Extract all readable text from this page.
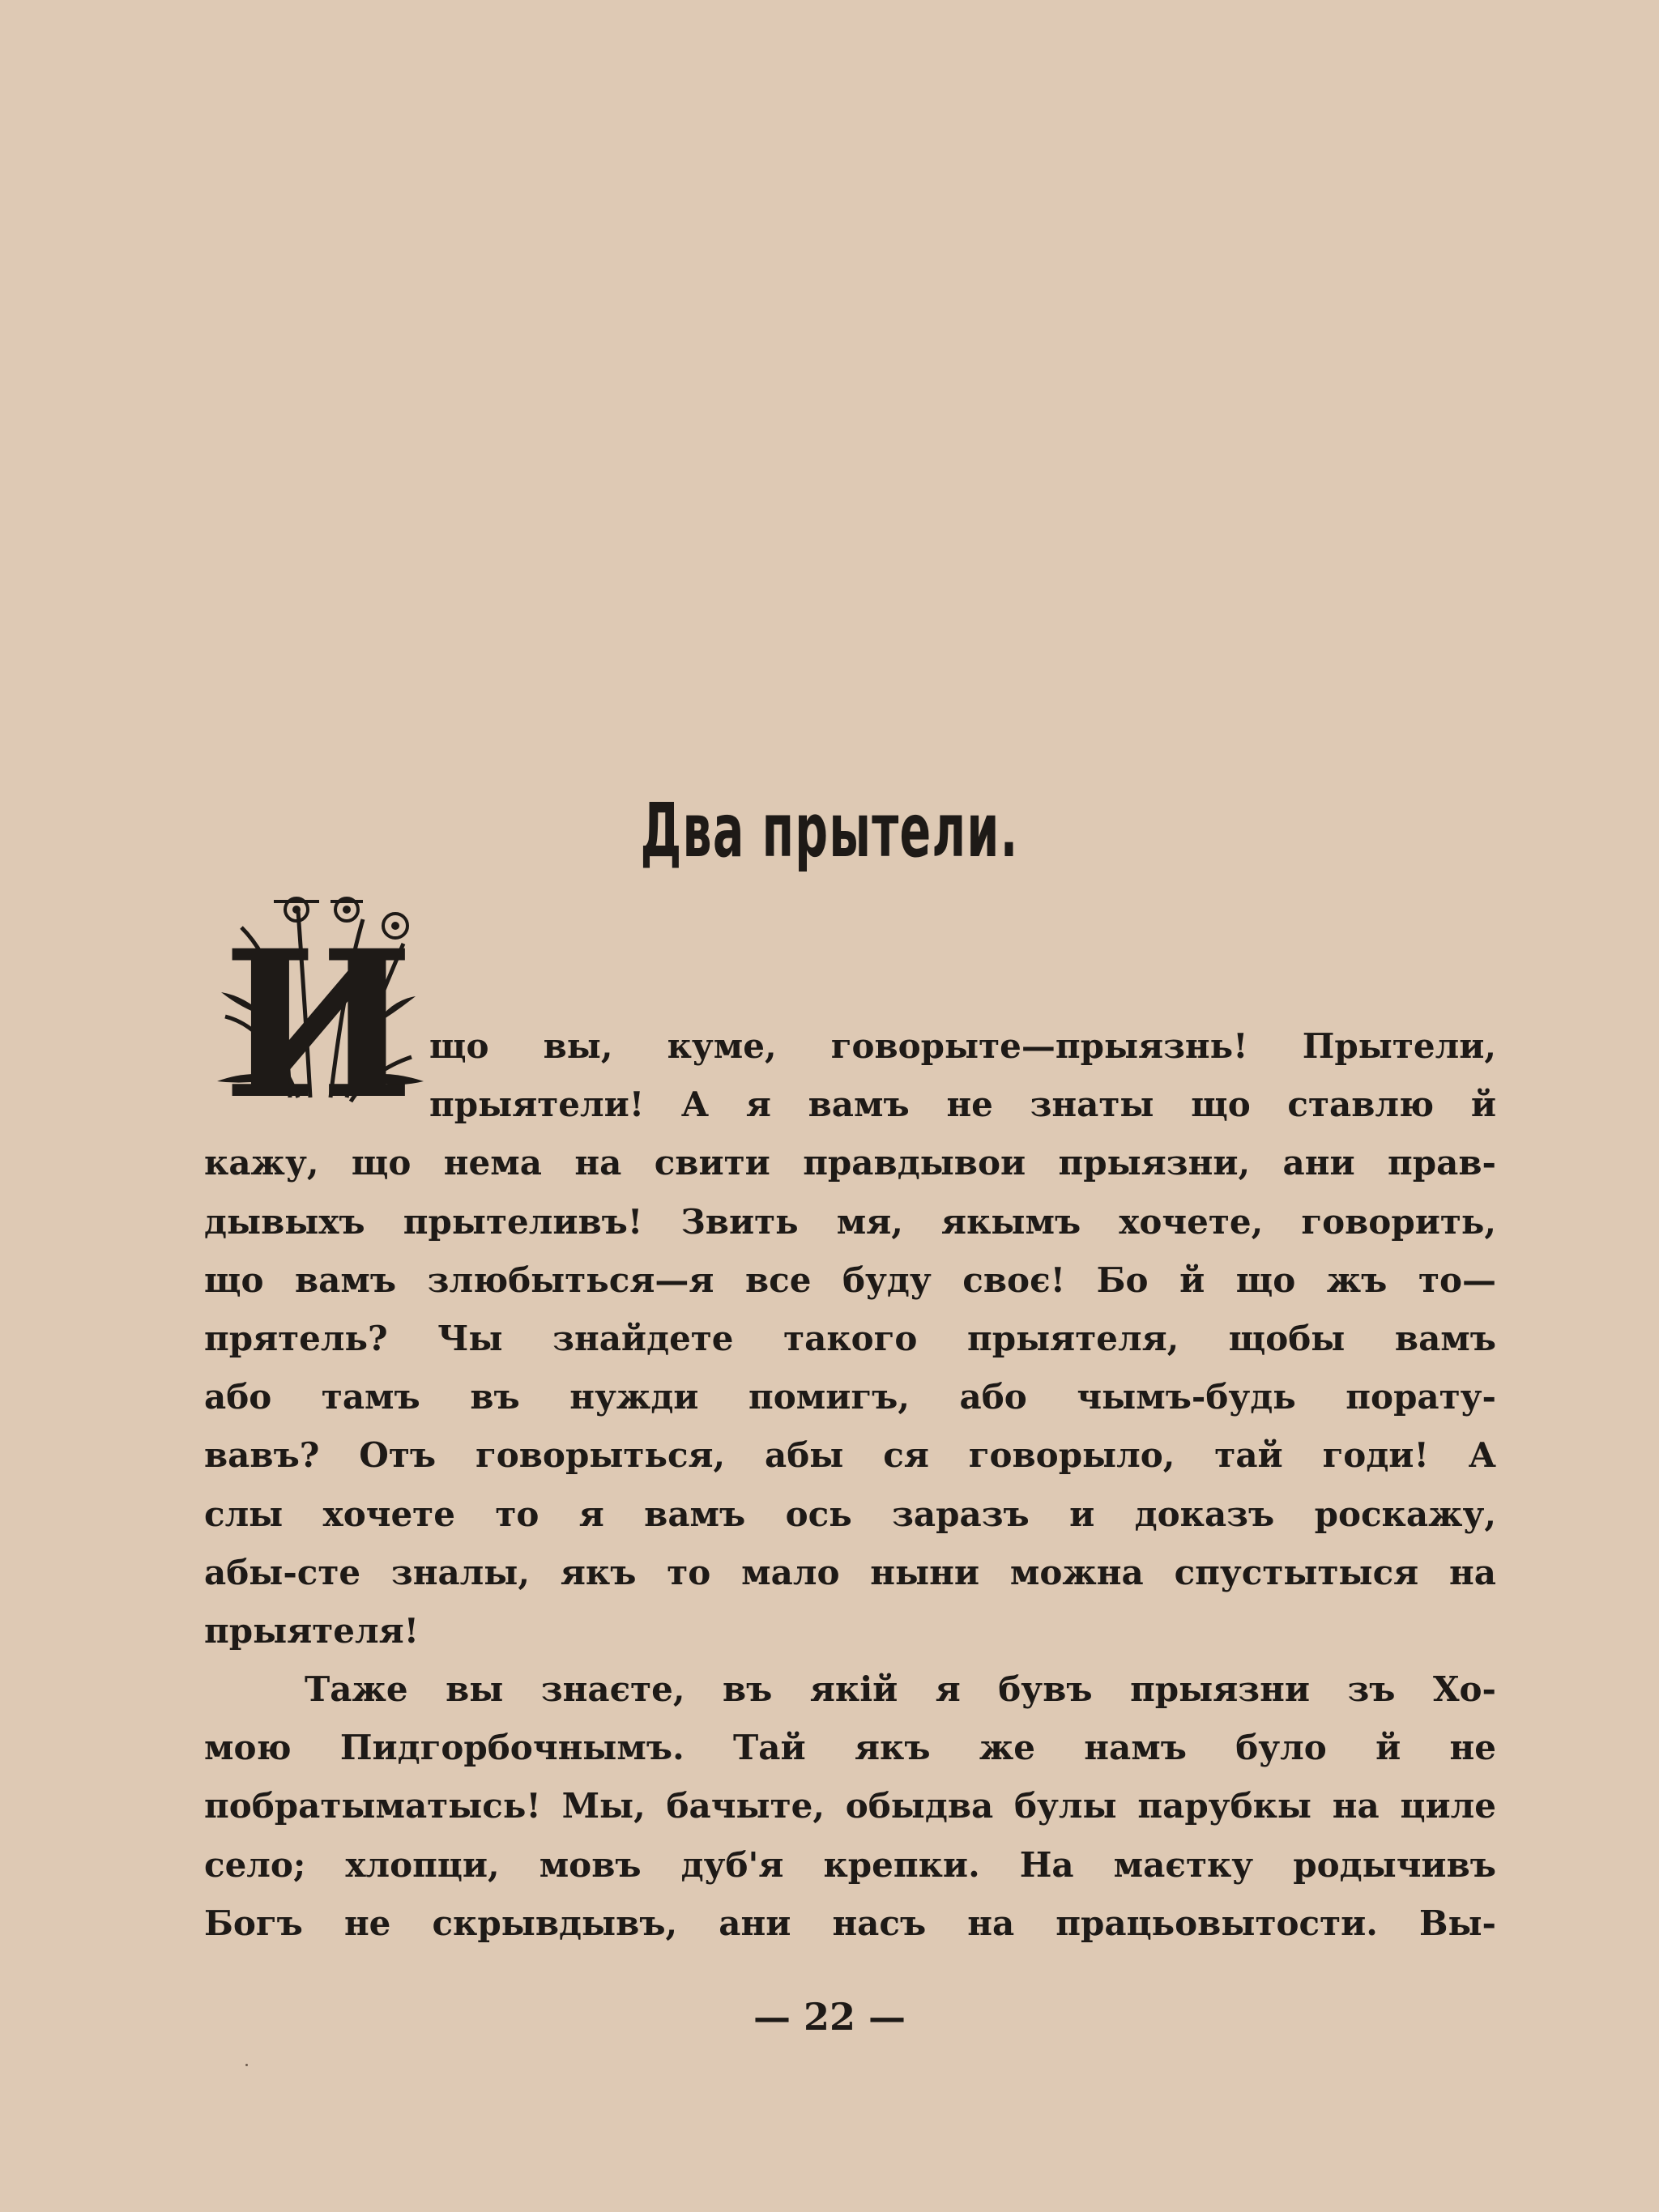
Два прытели.
И що вы, куме, говорыте—прыязнь! Прытели,
прыятели! А я вамъ не знаты що ставлю й
кажу, що нема на свити правдывои прыязни, ани прав-
дывыхъ прытеливъ! Звить мя, якымъ хочете, говорить,
що вамъ злюбыться—я все буду своє! Бо й що жъ то—
прятель? Чы знайдете такого прыятеля, щобы вамъ
або тамъ въ нужди помигъ, або чымъ-будь порату-
вавъ? Отъ говорыться, абы ся говорыло, тай годи! А
слы хочете то я вамъ ось заразъ и доказъ роскажу,
абы-сте зналы, якъ то мало ныни можна спустытыся на
прыятеля!
Таже вы знаєте, въ якій я бувъ прыязни зъ Хо-
мою Пидгорбочнымъ. Тай якъ же намъ було й не
побратыматысь! Мы, бачыте, обыдва булы парубкы на циле
село; хлопци, мовъ дуб'я крепки. На маєтку родычивъ
Богъ не скрывдывъ, ани насъ на працьовытости. Вы-
— 22 —
